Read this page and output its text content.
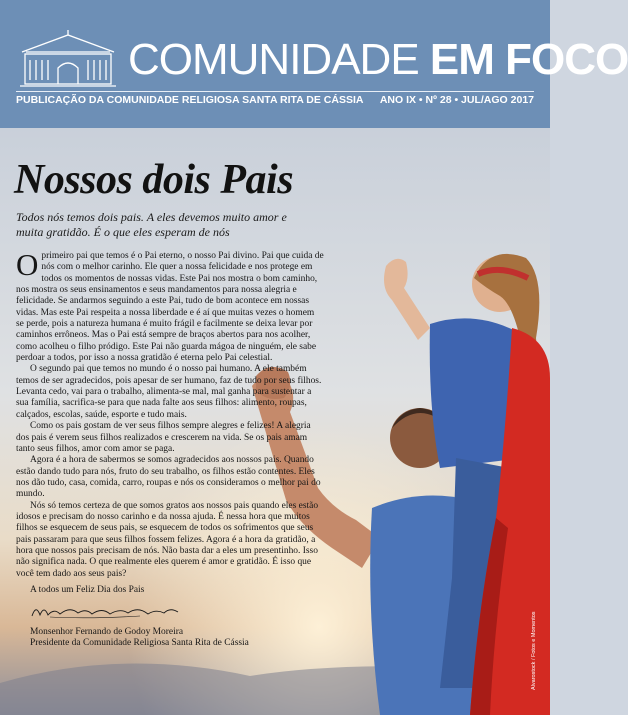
COMUNIDADE EM FOCO
PUBLICAÇÃO DA COMUNIDADE RELIGIOSA SANTA RITA DE CÁSSIA ANO IX • Nº 28 • JUL/AGO 2017
Nossos dois Pais
Todos nós temos dois pais. A eles devemos muito amor e muita gratidão. É o que eles esperam de nós

Oprimeiro pai que temos é o Pai eterno, o nosso Pai divino. Pai que cuida de nós com o melhor carinho. Ele quer a nossa felicidade e nos protege em todos os momentos de nossas vidas. Este Pai nos mostra o bom caminho, nos mostra os seus ensinamentos e seus mandamentos para nossa alegria e felicidade. Se andarmos seguindo a este Pai, tudo de bom acontece em nossas vidas. Mas este Pai respeita a nossa liberdade e é aí que muitas vezes o homem se perde, pois a natureza humana é muito frágil e facilmente se deixa levar por caminhos errôneos. Mas o Pai está sempre de braços abertos para nos acolher, como acolheu o filho pródigo. Este Pai não guarda mágoa de ninguém, ele sabe perdoar a todos, por isso a nossa gratidão é eterna pelo Pai celestial.

O segundo pai que temos no mundo é o nosso pai humano. A ele também temos de ser agradecidos, pois apesar de ser humano, faz de tudo por seus filhos. Levanta cedo, vai para o trabalho, alimenta-se mal, mal ganha para sustentar a sua família, sacrifica-se para que nada falte aos seus filhos: alimento, roupas, calçados, escolas, saúde, esporte e tudo mais.

Como os pais gostam de ver seus filhos sempre alegres e felizes! A alegria dos pais é verem seus filhos realizados e crescerem na vida. Se os pais amam tanto seus filhos, amor com amor se paga.

Agora é a hora de sabermos se somos agradecidos aos nossos pais. Quando estão dando tudo para nós, fruto do seu trabalho, os filhos estão contentes. Eles nos dão tudo, casa, comida, carro, roupas e nós os consideramos o melhor pai do mundo.

Nós só temos certeza de que somos gratos aos nossos pais quando eles estão idosos e precisam do nosso carinho e da nossa ajuda. É nessa hora que muitos filhos se esquecem de seus pais, se esquecem de todos os sofrimentos que seus pais passaram para que seus filhos fossem felizes. Agora é a hora da gratidão, a hora que nossos pais precisam de nós. Não basta dar a eles um presentinho. Isso não significa nada. O que realmente eles querem é amor e gratidão. É isso que você tem dado aos seus pais?

A todos um Feliz Dia dos Pais

Monsenhor Fernando de Godoy Moreira

Presidente da Comunidade Religiosa Santa Rita de Cássia	Alvarostock / Fotos e Momentos
